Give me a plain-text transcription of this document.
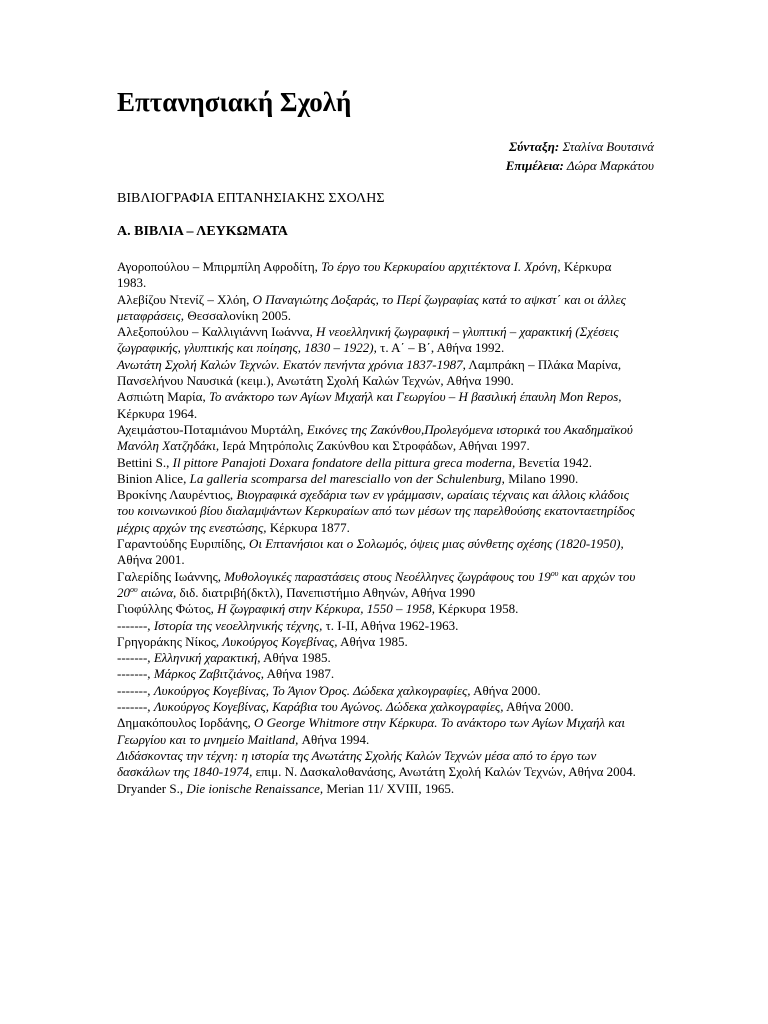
Επτανησιακή Σχολή
Σύνταξη: Σταλίνα Βουτσινά
Επιμέλεια: Δώρα Μαρκάτου
ΒΙΒΛΙΟΓΡΑΦΙΑ ΕΠΤΑΝΗΣΙΑΚΗΣ ΣΧΟΛΗΣ
Α. ΒΙΒΛΙΑ – ΛΕΥΚΩΜΑΤΑ

Αγοροπούλου – Μπιρμπίλη Αφροδίτη, Το έργο του Κερκυραίου αρχιτέκτονα Ι. Χρόνη, Κέρκυρα 1983.

Αλεβίζου Ντενίζ – Χλόη, Ο Παναγιώτης Δοξαράς, το Περί ζωγραφίας κατά το αψκστ΄ και οι άλλες μεταφράσεις, Θεσσαλονίκη 2005.

Αλεξοπούλου – Καλλιγιάννη Ιωάννα, Η νεοελληνική ζωγραφική – γλυπτική – χαρακτική (Σχέσεις ζωγραφικής, γλυπτικής και ποίησης, 1830 – 1922), τ. Α΄ – Β΄, Αθήνα 1992.

Ανωτάτη Σχολή Καλών Τεχνών. Εκατόν πενήντα χρόνια 1837-1987, Λαμπράκη – Πλάκα Μαρίνα, Πανσελήνου Ναυσικά (κειμ.), Ανωτάτη Σχολή Καλών Τεχνών, Αθήνα 1990.

Ασπιώτη Μαρία, Το ανάκτορο των Αγίων Μιχαήλ και Γεωργίου – Η βασιλική έπαυλη Mon Repos, Κέρκυρα 1964.

Αχειμάστου-Ποταμιάνου Μυρτάλη, Εικόνες της Ζακύνθου,Προλεγόμενα ιστορικά του Ακαδημαϊκού Μανόλη Χατζηδάκι, Ιερά Μητρόπολις Ζακύνθου και Στροφάδων, Αθήναι 1997.

Bettini S., Il pittore Panajoti Doxara fondatore della pittura greca moderna, Βενετία 1942.

Binion Alice, La galleria scomparsa del maresciallo von der Schulenburg, Milano 1990.

Βροκίνης Λαυρέντιος, Βιογραφικά σχεδάρια των εν γράμμασιν, ωραίαις τέχναις και άλλοις κλάδοις του κοινωνικού βίου διαλαμψάντων Κερκυραίων από των μέσων της παρελθούσης εκατονταετηρίδος μέχρις αρχών της ενεστώσης, Κέρκυρα 1877.

Γαραντούδης Ευριπίδης, Οι Επτανήσιοι και ο Σολωμός, όψεις μιας σύνθετης σχέσης (1820-1950), Αθήνα 2001.

Γαλερίδης Ιωάννης, Μυθολογικές παραστάσεις στους Νεοέλληνες ζωγράφους του $19^{o\upsilon}$ και αρχών του $20^{o\upsilon}$ αιώνα, διδ. διατριβή(δκτλ), Πανεπιστήμιο Αθηνών, Αθήνα 1990

Γιοφύλλης Φώτος, Η ζωγραφική στην Κέρκυρα, 1550 – 1958, Κέρκυρα 1958.

-------, Ιστορία της νεοελληνικής τέχνης, τ. Ι-ΙΙ, Αθήνα 1962-1963.

Γρηγοράκης Νίκος, Λυκούργος Κογεβίνας, Αθήνα 1985.

-------, Ελληνική χαρακτική, Αθήνα 1985.

-------, Μάρκος Ζαβιτζιάνος, Αθήνα 1987.

-------, Λυκούργος Κογεβίνας, Το Άγιον Όρος. Δώδεκα χαλκογραφίες, Αθήνα 2000.

-------, Λυκούργος Κογεβίνας, Καράβια του Αγώνος. Δώδεκα χαλκογραφίες, Αθήνα 2000.

Δημακόπουλος Ιορδάνης, Ο George Whitmore στην Κέρκυρα. Το ανάκτορο των Αγίων Μιχαήλ και Γεωργίου και το μνημείο Maitland, Αθήνα 1994.

Διδάσκοντας την τέχνη: η ιστορία της Ανωτάτης Σχολής Καλών Τεχνών μέσα από το έργο των δασκάλων της 1840-1974, επιμ. Ν. Δασκαλοθανάσης, Ανωτάτη Σχολή Καλών Τεχνών, Αθήνα 2004.

Dryander S., Die ionische Renaissance, Merian 11/ XVIII, 1965.
